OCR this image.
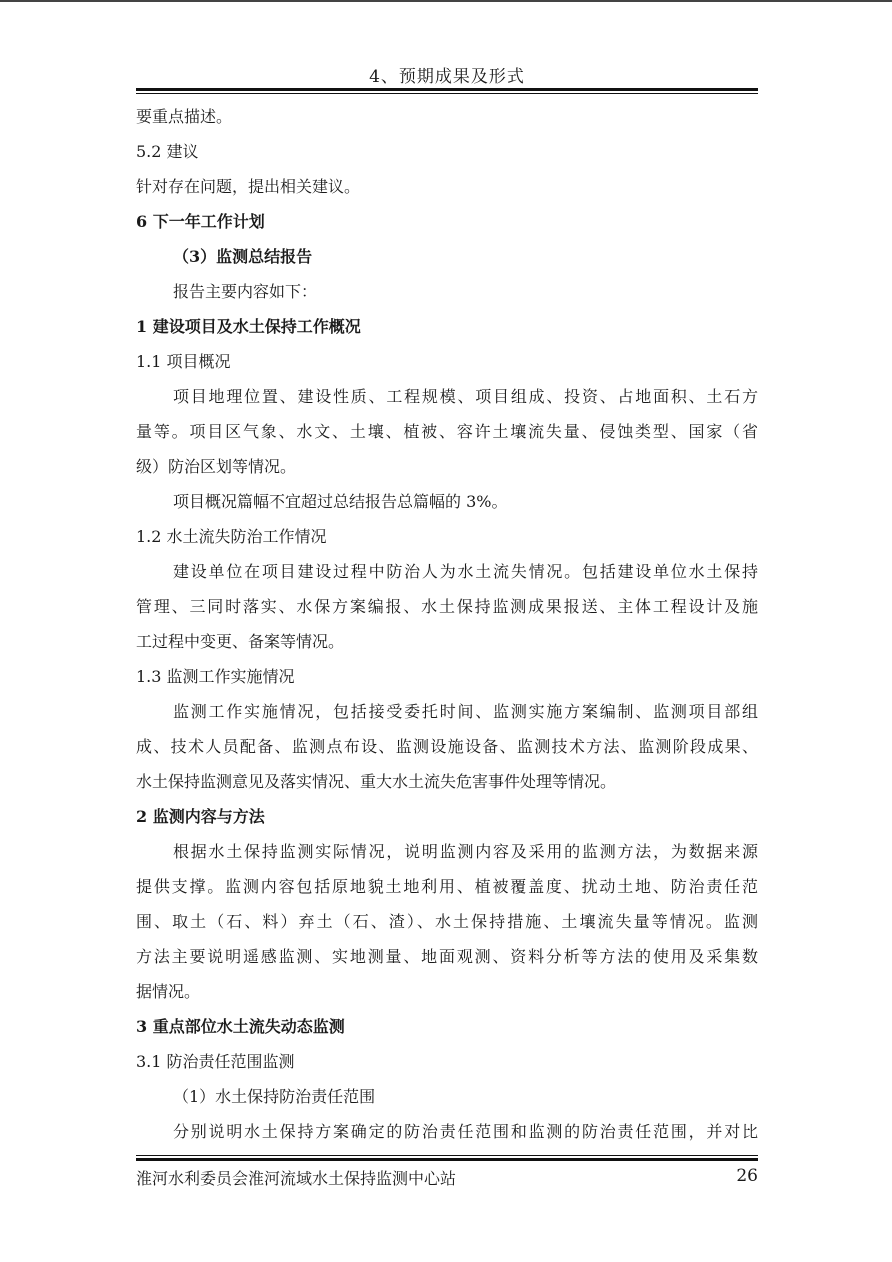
4、预期成果及形式
要重点描述。
5.2 建议
针对存在问题，提出相关建议。
6 下一年工作计划
（3）监测总结报告
报告主要内容如下：
1 建设项目及水土保持工作概况
1.1 项目概况
项目地理位置、建设性质、工程规模、项目组成、投资、占地面积、土石方
量等。项目区气象、水文、土壤、植被、容许土壤流失量、侵蚀类型、国家（省
级）防治区划等情况。
项目概况篇幅不宜超过总结报告总篇幅的 3%。
1.2 水土流失防治工作情况
建设单位在项目建设过程中防治人为水土流失情况。包括建设单位水土保持
管理、三同时落实、水保方案编报、水土保持监测成果报送、主体工程设计及施
工过程中变更、备案等情况。
1.3 监测工作实施情况
监测工作实施情况，包括接受委托时间、监测实施方案编制、监测项目部组
成、技术人员配备、监测点布设、监测设施设备、监测技术方法、监测阶段成果、
水土保持监测意见及落实情况、重大水土流失危害事件处理等情况。
2 监测内容与方法
根据水土保持监测实际情况，说明监测内容及采用的监测方法，为数据来源
提供支撑。监测内容包括原地貌土地利用、植被覆盖度、扰动土地、防治责任范
围、取土（石、料）弃土（石、渣）、水土保持措施、土壤流失量等情况。监测
方法主要说明遥感监测、实地测量、地面观测、资料分析等方法的使用及采集数
据情况。
3 重点部位水土流失动态监测
3.1 防治责任范围监测
（1）水土保持防治责任范围
分别说明水土保持方案确定的防治责任范围和监测的防治责任范围，并对比
淮河水利委员会淮河流域水土保持监测中心站	26
